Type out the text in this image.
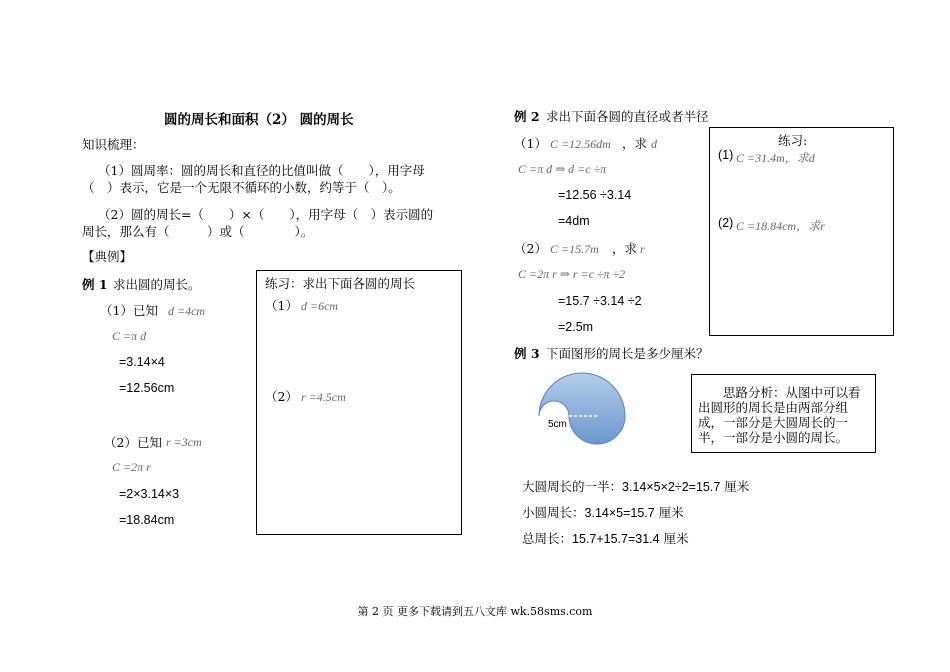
圆的周长和面积（2） 圆的周长
知识梳理：
（1）圆周率：圆的周长和直径的比值叫做（　　），用字母
（　）表示，它是一个无限不循环的小数，约等于（　）。
（2）圆的周长=（　　）×（　　），用字母（　）表示圆的
周长，那么有（　　　）或（　　　　）。
【典例】
例 1 求出圆的周长。
（1）已知 d =4cm
C =π d
=3.14×4
=12.56cm
（2）已知 r =3cm
C =2π r
=2×3.14×3
=18.84cm
练习：求出下面各圆的周长
（1） d =6cm
（2） r =4.5cm
例 2 求出下面各圆的直径或者半径
（1） C =12.56dm ，求 d
C =π d ⇒ d =c ÷π
=12.56 ÷3.14
=4dm
（2） C =15.7m ，求 r
C =2π r ⇒ r =c ÷π ÷2
=15.7 ÷3.14 ÷2
=2.5m
练习:
(1) C =31.4m，求d
(2) C =18.84cm，求r
例 3 下面图形的周长是多少厘米？
5cm
思路分析：从图中可以看出圆形的周长是由两部分组成，一部分是大圆周长的一半，一部分是小圆的周长。
大圆周长的一半：3.14×5×2÷2=15.7 厘米
小圆周长：3.14×5=15.7 厘米
总周长：15.7+15.7=31.4 厘米
第 2 页 更多下载请到五八文库 wk.58sms.com
